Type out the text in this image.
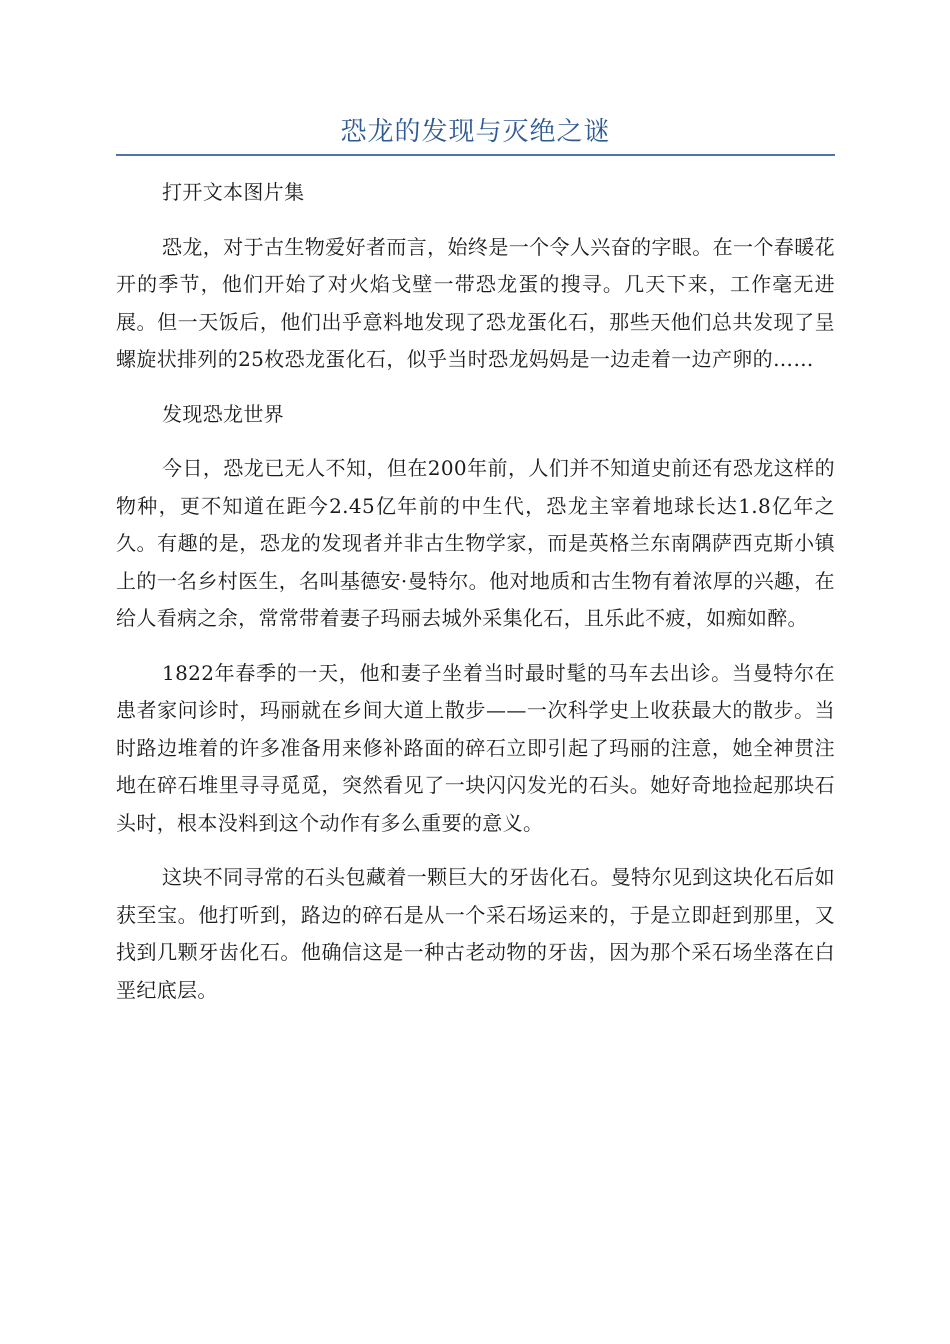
恐龙的发现与灭绝之谜

打开文本图片集

恐龙，对于古生物爱好者而言，始终是一个令人兴奋的字眼。在一个春暖花开的季节，他们开始了对火焰戈壁一带恐龙蛋的搜寻。几天下来，工作毫无进展。但一天饭后，他们出乎意料地发现了恐龙蛋化石，那些天他们总共发现了呈螺旋状排列的25枚恐龙蛋化石，似乎当时恐龙妈妈是一边走着一边产卵的……

发现恐龙世界

今日，恐龙已无人不知，但在200年前，人们并不知道史前还有恐龙这样的物种，更不知道在距今2.45亿年前的中生代，恐龙主宰着地球长达1.8亿年之久。有趣的是，恐龙的发现者并非古生物学家，而是英格兰东南隅萨西克斯小镇上的一名乡村医生，名叫基德安·曼特尔。他对地质和古生物有着浓厚的兴趣，在给人看病之余，常常带着妻子玛丽去城外采集化石，且乐此不疲，如痴如醉。

1822年春季的一天，他和妻子坐着当时最时髦的马车去出诊。当曼特尔在患者家问诊时，玛丽就在乡间大道上散步——一次科学史上收获最大的散步。当时路边堆着的许多准备用来修补路面的碎石立即引起了玛丽的注意，她全神贯注地在碎石堆里寻寻觅觅，突然看见了一块闪闪发光的石头。她好奇地捡起那块石头时，根本没料到这个动作有多么重要的意义。

这块不同寻常的石头包藏着一颗巨大的牙齿化石。曼特尔见到这块化石后如获至宝。他打听到，路边的碎石是从一个采石场运来的，于是立即赶到那里，又找到几颗牙齿化石。他确信这是一种古老动物的牙齿，因为那个采石场坐落在白垩纪底层。
